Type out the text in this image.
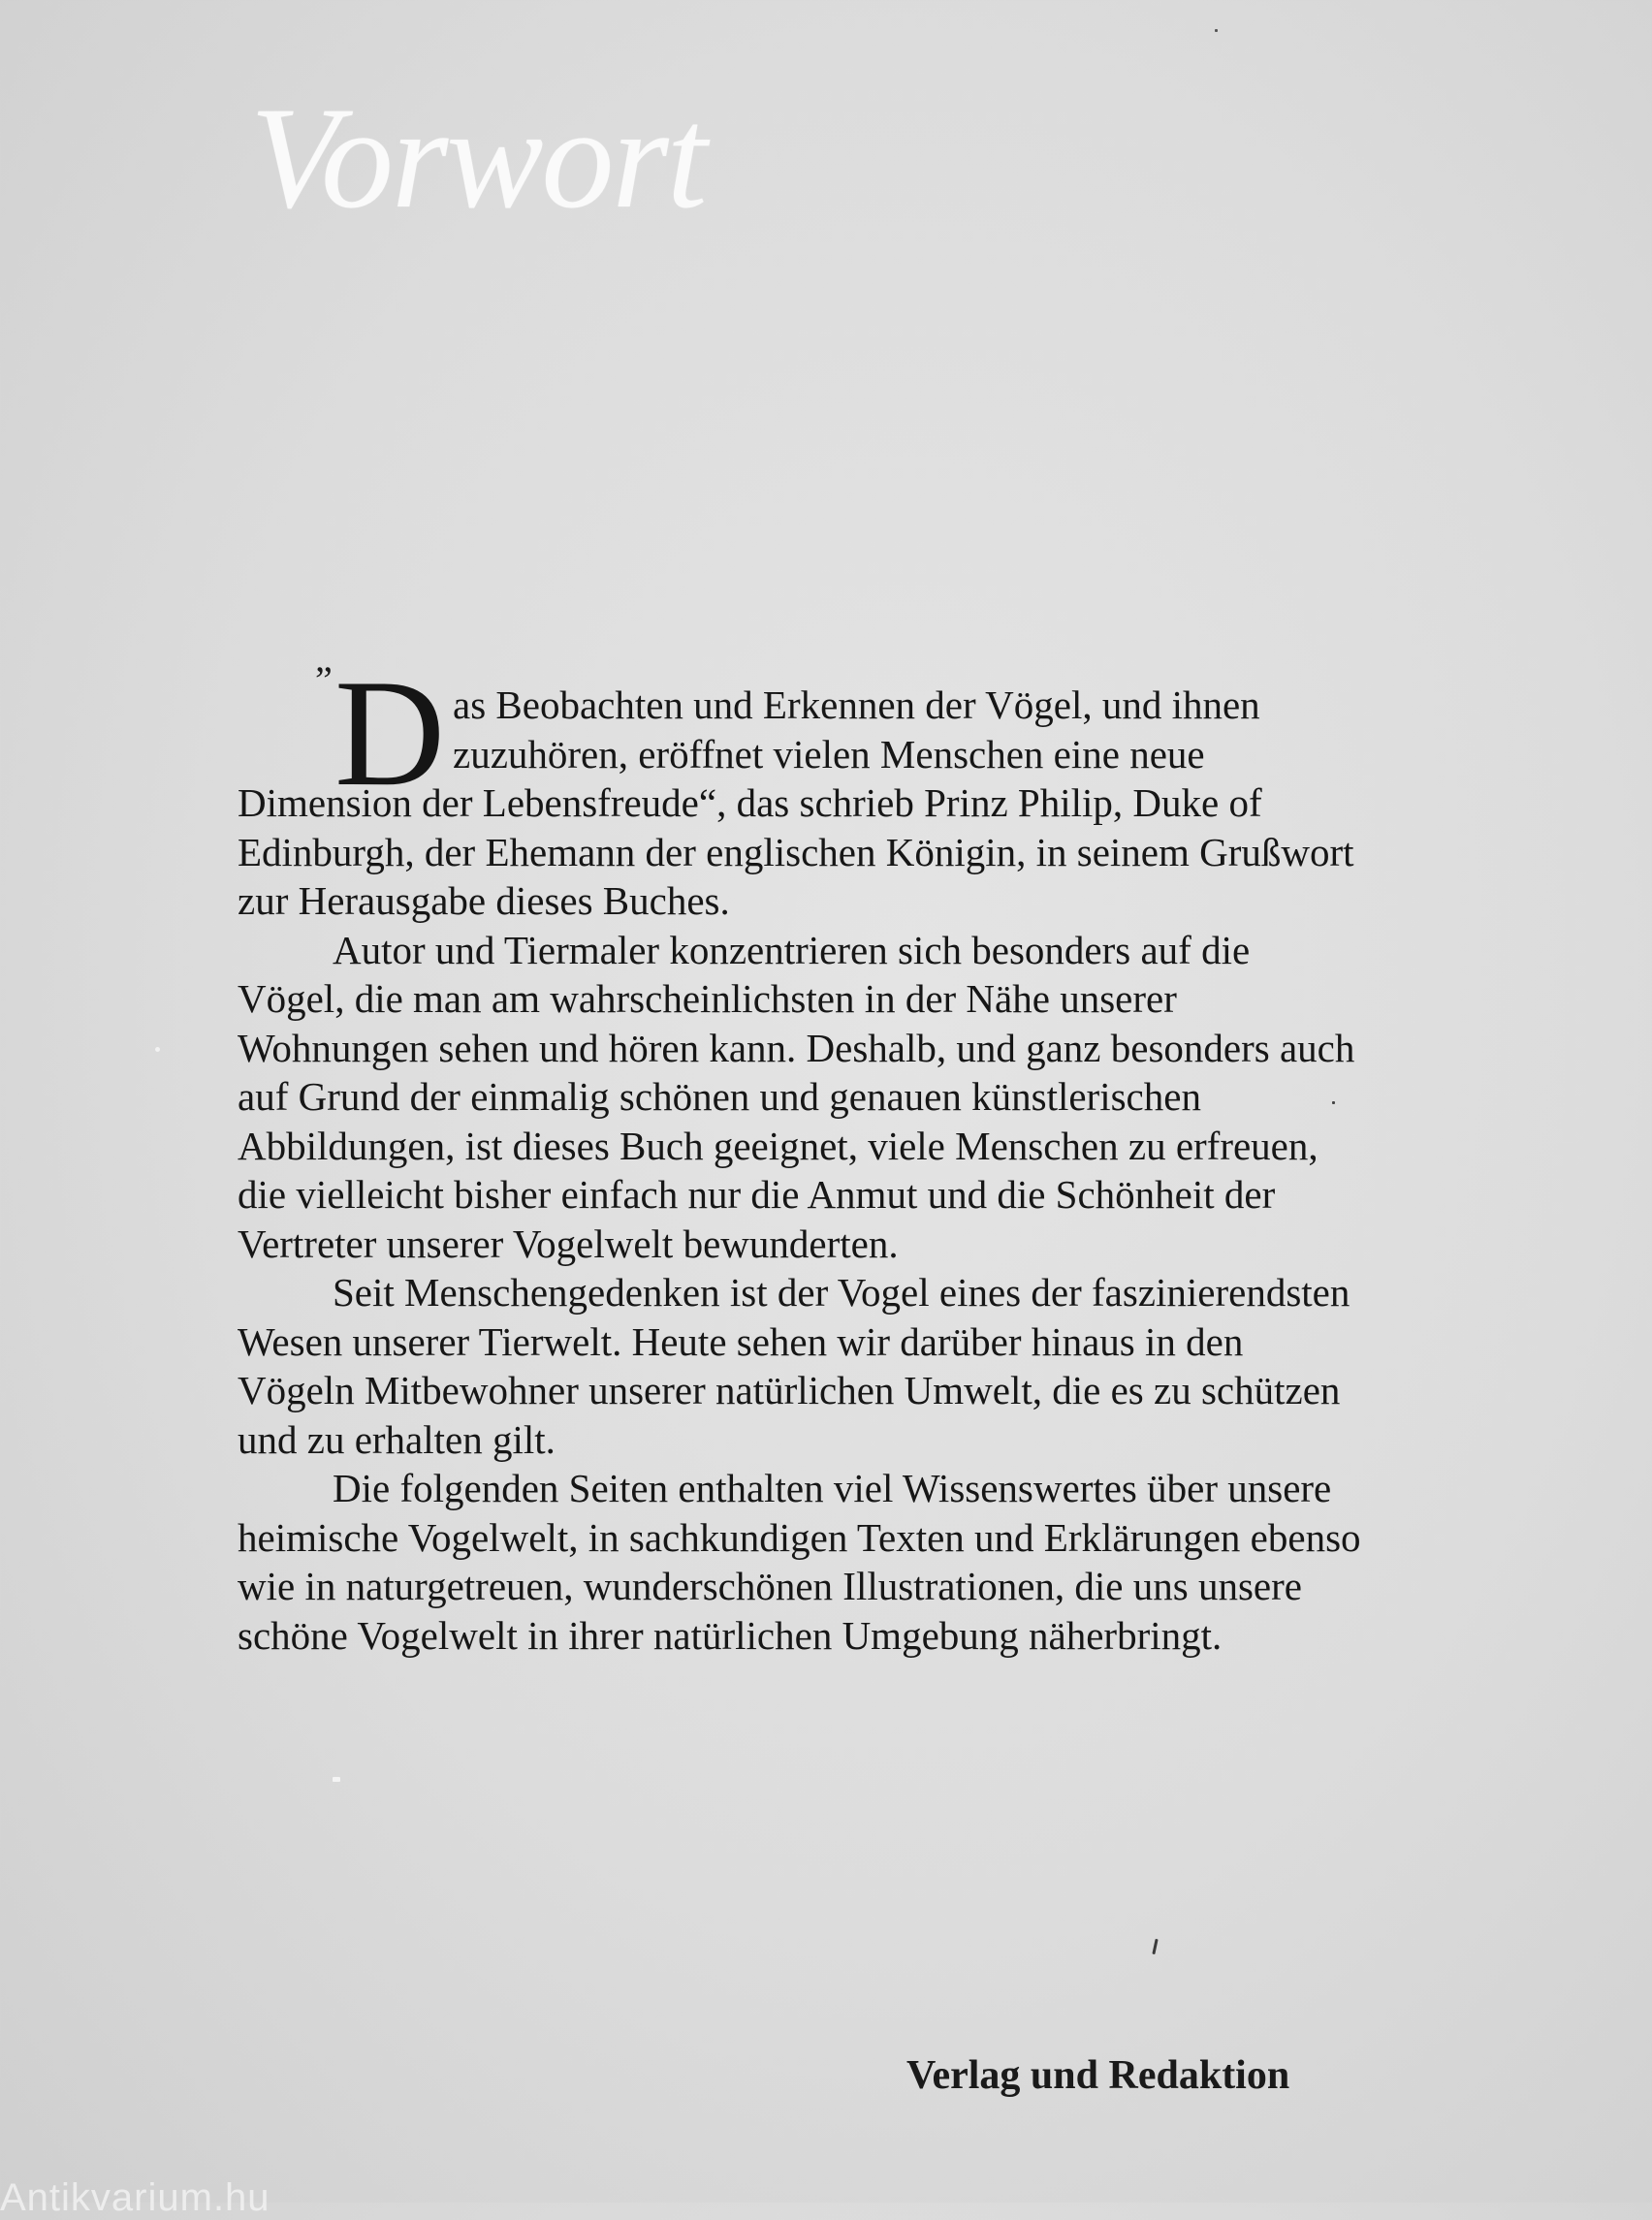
Vorwort

” D as Beobachten und Erkennen der Vögel, und ihnen zuzuhören, eröffnet vielen Menschen eine neue Dimension der Lebensfreude“, das schrieb Prinz Philip, Duke of Edinburgh, der Ehemann der englischen Königin, in seinem Grußwort zur Herausgabe dieses Buches.

Autor und Tiermaler konzentrieren sich besonders auf die Vögel, die man am wahrscheinlichsten in der Nähe unserer Wohnungen sehen und hören kann. Deshalb, und ganz besonders auch auf Grund der einmalig schönen und genauen künstlerischen Abbildungen, ist dieses Buch geeignet, viele Menschen zu erfreuen, die vielleicht bisher einfach nur die Anmut und die Schönheit der Vertreter unserer Vogelwelt bewunderten.

Seit Menschengedenken ist der Vogel eines der faszinierendsten Wesen unserer Tierwelt. Heute sehen wir darüber hinaus in den Vögeln Mitbewohner unserer natürlichen Umwelt, die es zu schützen und zu erhalten gilt.

Die folgenden Seiten enthalten viel Wissenswertes über unsere heimische Vogelwelt, in sachkundigen Texten und Erklärungen ebenso wie in naturgetreuen, wunderschönen Illustrationen, die uns unsere schöne Vogelwelt in ihrer natürlichen Umgebung näherbringt.

Verlag und Redaktion

Antikvarium.hu
